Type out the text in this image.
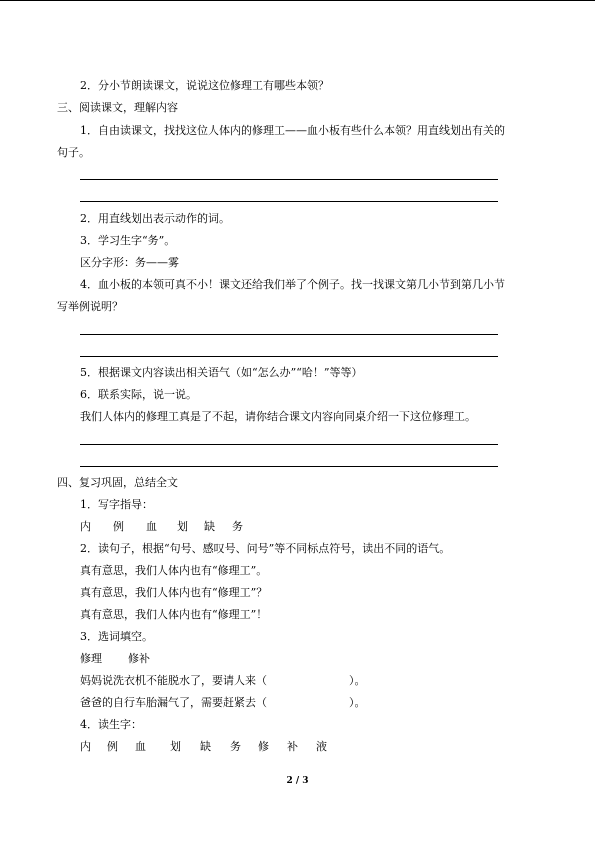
2．分小节朗读课文，说说这位修理工有哪些本领？
三、阅读课文，理解内容
1．自由读课文，找找这位人体内的修理工——血小板有些什么本领？用直线划出有关的
句子。
2．用直线划出表示动作的词。
3．学习生字“务”。
区分字形：务——雾
4．血小板的本领可真不小！课文还给我们举了个例子。找一找课文第几小节到第几小节
写举例说明？
5．根据课文内容读出相关语气（如“怎么办”“哈！”等等）
6．联系实际，说一说。
我们人体内的修理工真是了不起，请你结合课文内容向同桌介绍一下这位修理工。
四、复习巩固，总结全文
1．写字指导：
内 例 血 划 缺 务
2．读句子，根据“句号、感叹号、问号”等不同标点符号，读出不同的语气。
真有意思，我们人体内也有“修理工”。
真有意思，我们人体内也有“修理工”？
真有意思，我们人体内也有“修理工”！
3．选词填空。
修理 修补
妈妈说洗衣机不能脱水了，要请人来（	）。
爸爸的自行车胎漏气了，需要赶紧去（	）。
4．读生字：
内 例 血 划 缺 务 修 补 液
2 / 3
